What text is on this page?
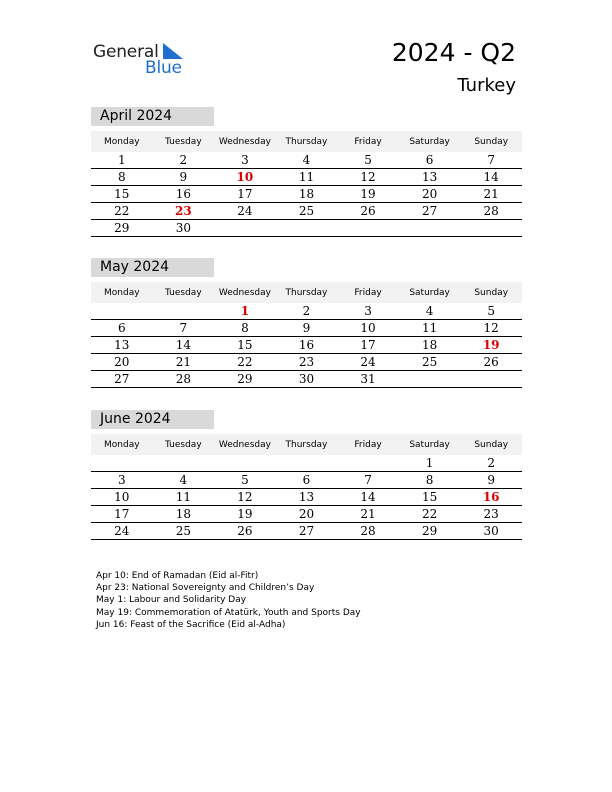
General
Blue
2024 - Q2
Turkey
April 2024
Monday	Tuesday	Wednesday	Thursday	Friday	Saturday	Sunday
1	2	3	4	5	6	7
8	9	10	11	12	13	14
15	16	17	18	19	20	21
22	23	24	25	26	27	28
29	30					
May 2024
Monday	Tuesday	Wednesday	Thursday	Friday	Saturday	Sunday
		1	2	3	4	5
6	7	8	9	10	11	12
13	14	15	16	17	18	19
20	21	22	23	24	25	26
27	28	29	30	31		
June 2024
Monday	Tuesday	Wednesday	Thursday	Friday	Saturday	Sunday
					1	2
3	4	5	6	7	8	9
10	11	12	13	14	15	16
17	18	19	20	21	22	23
24	25	26	27	28	29	30
Apr 10: End of Ramadan (Eid al-Fitr)
Apr 23: National Sovereignty and Children’s Day
May 1: Labour and Solidarity Day
May 19: Commemoration of Atatürk, Youth and Sports Day
Jun 16: Feast of the Sacrifice (Eid al-Adha)
